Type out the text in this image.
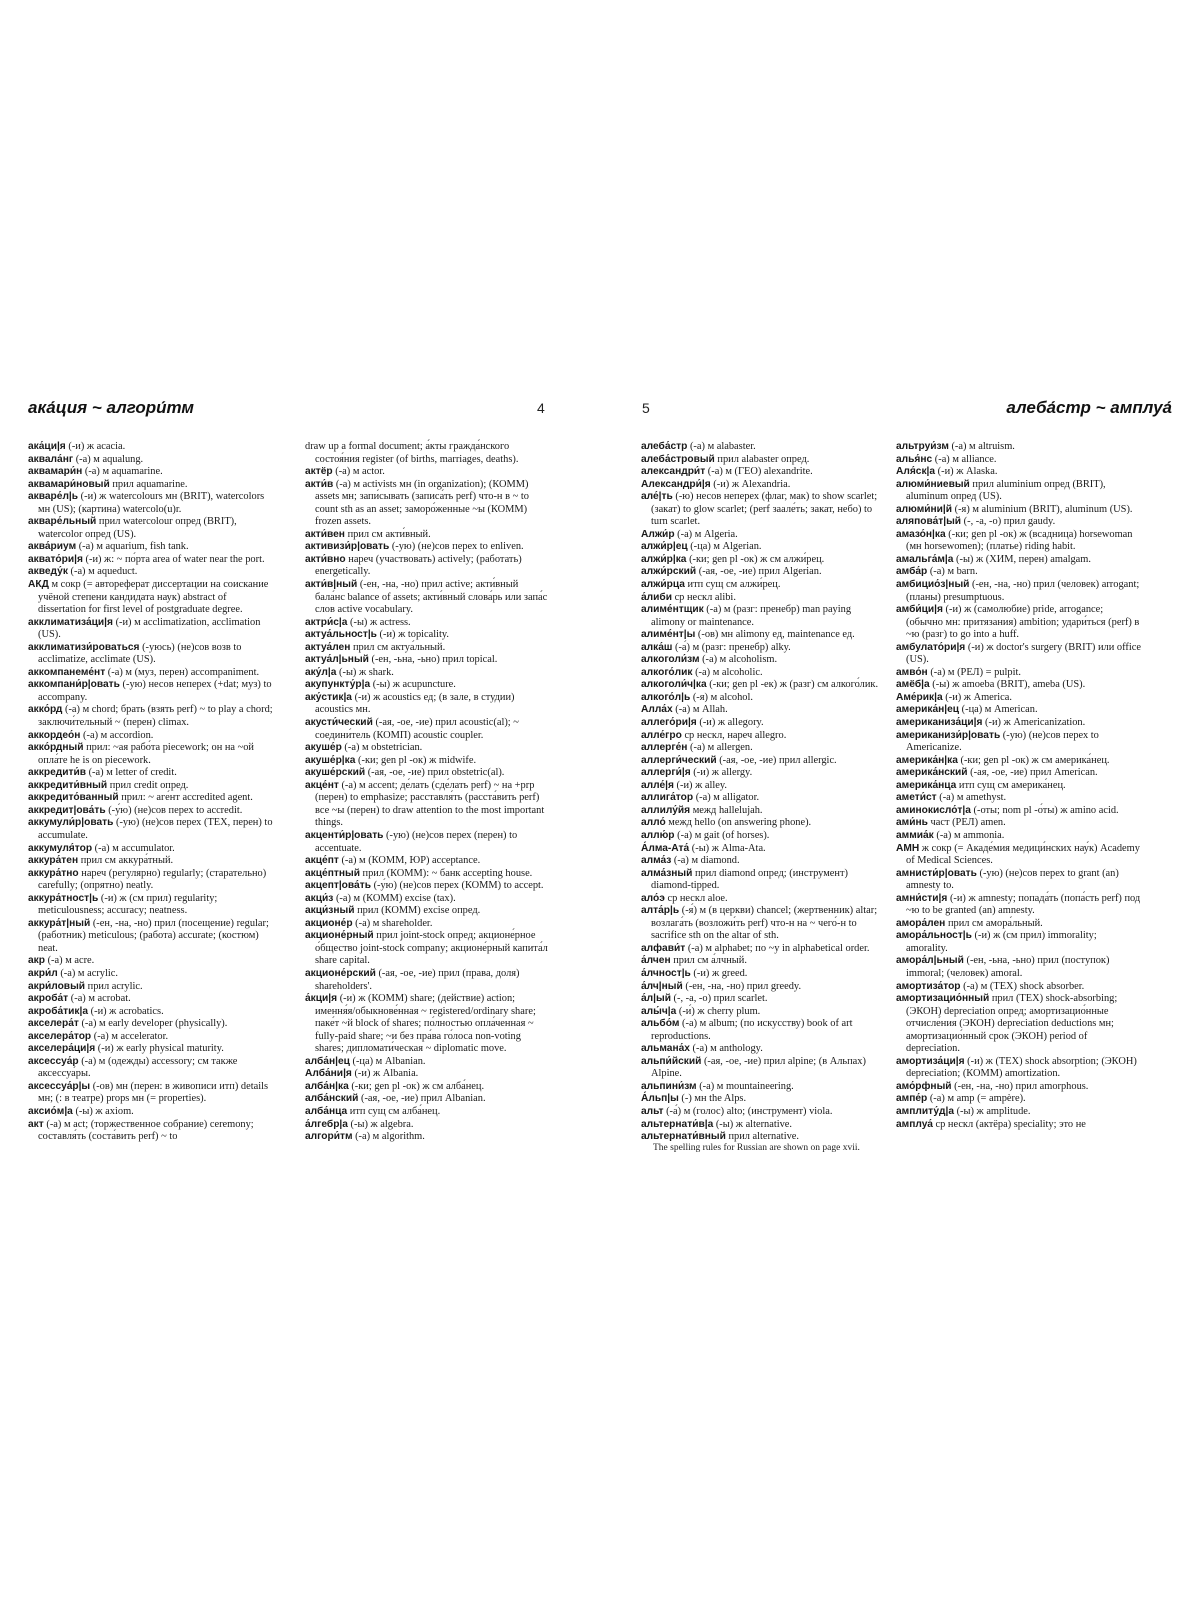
ака́ция ~ алгори́тм	4

ака́ци|я (-и) ж acacia.

аквала́нг (-а) м aqualung.

аквамари́н (-а) м aquamarine.

аквамари́новый прил aquamarine.

акваре́л|ь (-и) ж watercolours мн (BRIT), watercolors мн (US); (картина) watercolo(u)r.

акваре́льный прил watercolour опред (BRIT), watercolor опред (US).

аква́риум (-а) м aquarium, fish tank.

аквато́ри|я (-и) ж: ~ по́рта area of water near the port.

акведу́к (-а) м aqueduct.

АКД м сокр (= автореферат диссертации на соискание учёной степени кандидата наук) abstract of dissertation for first level of postgraduate degree.

акклиматиза́ци|я (-и) м acclimatization, acclimation (US).

акклиматизи́роваться (-уюсь) (не)сов возв to acclimatize, acclimate (US).

аккомпанеме́нт (-а) м (муз, перен) accompaniment.

аккомпани́р|овать (-ую) несов неперех (+dat; муз) to accompany.

акко́рд (-а) м chord; брать (взять perf) ~ to play a chord; заключи́тельный ~ (перен) climax.

аккордео́н (-а) м accordion.

акко́рдный прил: ~ая рабо́та piecework; он на ~ой опла́те he is on piecework.

аккредити́в (-а) м letter of credit.

аккредити́вный прил credit опред.

аккредито́ванный прил: ~ аге́нт accredited agent.

аккредит|ова́ть (-у́ю) (не)сов перех to accredit.

аккумули́р|овать (-ую) (не)сов перех (ТЕХ, перен) to accumulate.

аккумуля́тор (-а) м accumulator.

аккура́тен прил см аккура́тный.

аккура́тно нареч (регулярно) regularly; (старательно) carefully; (опрятно) neatly.

аккура́тност|ь (-и) ж (см прил) regularity; meticulousness; accuracy; neatness.

аккура́т|ный (-ен, -на, -но) прил (посещение) regular; (работник) meticulous; (работа) accurate; (костюм) neat.

акр (-а) м acre.

акри́л (-а) м acrylic.

акри́ловый прил acrylic.

акроба́т (-а) м acrobat.

акроба́тик|а (-и) ж acrobatics.

акселера́т (-а) м early developer (physically).

акселера́тор (-а) м accelerator.

акселера́ци|я (-и) ж early physical maturity.

аксессуа́р (-а) м (одежды) accessory; см также аксессуа́ры.

аксессуа́р|ы (-ов) мн (перен: в живописи итп) details мн; (: в театре) props мн (= properties).

аксио́м|а (-ы) ж axiom.

акт (-а) м act; (торжественное собрание) ceremony; составля́ть (соста́вить perf) ~ to

draw up a formal document; а́кты гражда́нского состоя́ния register (of births, marriages, deaths).

актёр (-а) м actor.

акти́в (-а) м activists мн (in organization); (КОММ) assets мн; запи́сывать (записа́ть perf) что-н в ~ to count sth as an asset; заморо́женные ~ы (КОММ) frozen assets.

акти́вен прил см акти́вный.

активизи́р|овать (-ую) (не)сов перех to enliven.

акти́вно нареч (участвовать) actively; (работать) energetically.

акти́в|ный (-ен, -на, -но) прил active; акти́вный бала́нс balance of assets; акти́вный слова́рь или запа́с слов active vocabulary.

актри́с|а (-ы) ж actress.

актуа́льност|ь (-и) ж topicality.

актуа́лен прил см актуа́льный.

актуа́л|ьный (-ен, -ьна, -ьно) прил topical.

аку́л|а (-ы) ж shark.

акупункту́р|а (-ы) ж acupuncture.

аку́стик|а (-и) ж acoustics ед; (в зале, в студии) acoustics мн.

акусти́ческий (-ая, -ое, -ие) прил acoustic(al); ~ соедини́тель (КОМП) acoustic coupler.

акуше́р (-а) м obstetrician.

акуше́р|ка (-ки; gen pl -ок) ж midwife.

акуше́рский (-ая, -ое, -ие) прил obstetric(al).

акце́нт (-а) м accent; де́лать (сде́лать perf) ~ на +prp (перен) to emphasize; расставля́ть (расста́вить perf) все ~ы (перен) to draw attention to the most important things.

акценти́р|овать (-ую) (не)сов перех (перен) to accentuate.

акце́пт (-а) м (КОММ, ЮР) acceptance.

акце́птный прил (КОММ): ~ банк accepting house.

акцепт|ова́ть (-у́ю) (не)сов перех (КОММ) to accept.

акци́з (-а) м (КОММ) excise (tax).

акци́зный прил (КОММ) excise опред.

акционе́р (-а) м shareholder.

акционе́рный прил joint-stock опред; акционе́рное о́бщество joint-stock company; акционе́рный капита́л share capital.

акционе́рский (-ая, -ое, -ие) прил (права, доля) shareholders'.

а́кци|я (-и) ж (КОММ) share; (действие) action; имення́я/обыкнове́нная ~ registered/ordinary share; паке́т ~й block of shares; по́лностью опла́ченная ~ fully-paid share; ~и без пра́ва го́лоса non-voting shares; дипломати́ческая ~ diplomatic move.

алба́н|ец (-ца) м Albanian.

Алба́ни|я (-и) ж Albania.

алба́н|ка (-ки; gen pl -ок) ж см алба́нец.

алба́нский (-ая, -ое, -ие) прил Albanian.

алба́нца итп сущ см алба́нец.

а́лгебр|а (-ы) ж algebra.

алгори́тм (-а) м algorithm.

5	алеба́стр ~ амплуа́

алеба́стр (-а) м alabaster.

алеба́стровый прил alabaster опред.

александри́т (-а) м (ГЕО) alexandrite.

Александри́|я (-и) ж Alexandria.

але́|ть (-ю) несов неперех (флаг, мак) to show scarlet; (закат) to glow scarlet; (perf заале́ть; закат, небо) to turn scarlet.

Алжи́р (-а) м Algeria.

алжи́р|ец (-ца) м Algerian.

алжи́р|ка (-ки; gen pl -ок) ж см алжи́рец.

алжи́рский (-ая, -ое, -ие) прил Algerian.

алжи́рца итп сущ см алжи́рец.

а́либи ср нескл alibi.

алиме́нтщик (-а) м (разг: пренебр) man paying alimony or maintenance.

алиме́нт|ы (-ов) мн alimony ед, maintenance ед.

алка́ш (-а́) м (разг: пренебр) alky.

алкоголи́зм (-а) м alcoholism.

алкого́лик (-а) м alcoholic.

алкоголи́ч|ка (-ки; gen pl -ек) ж (разг) см алкого́лик.

алкого́л|ь (-я) м alcohol.

Алла́х (-а) м Allah.

аллего́ри|я (-и) ж allegory.

алле́гро ср нескл, нареч allegro.

аллерге́н (-а) м allergen.

аллерги́ческий (-ая, -ое, -ие) прил allergic.

аллерги́|я (-и) ж allergy.

алле́|я (-и) ж alley.

аллига́тор (-а) м alligator.

аллилу́йя межд hallelujah.

алло́ межд hello (on answering phone).

аллю́р (-а) м gait (of horses).

А́лма-Ата́ (-ы) ж Alma-Ata.

алма́з (-а) м diamond.

алма́зный прил diamond опред; (инструмент) diamond-tipped.

ало́э ср нескл aloe.

алта́р|ь (-я́) м (в церкви) chancel; (жертвенник) altar; возлага́ть (возложи́ть perf) что-н на ~ чего́-н to sacrifice sth on the altar of sth.

алфави́т (-а) м alphabet; по ~у in alphabetical order.

а́лчен прил см а́лчный.

а́лчност|ь (-и) ж greed.

а́лч|ный (-ен, -на, -но) прил greedy.

а́л|ый (-, -а, -о) прил scarlet.

алы́ч|а (-и́) ж cherry plum.

альбо́м (-а) м album; (по искусству) book of art reproductions.

альмана́х (-а) м anthology.

альпи́йский (-ая, -ое, -ие) прил alpine; (в Альпах) Alpine.

альпини́зм (-а) м mountaineering.

А́льп|ы (-) мн the Alps.

альт (-а́) м (голос) alto; (инструмент) viola.

альтернати́в|а (-ы) ж alternative.

альтернати́вный прил alternative.

альтруи́зм (-а) м altruism.

алья́нс (-а) м alliance.

Аля́ск|а (-и) ж Alaska.

алюми́ниевый прил aluminium опред (BRIT), aluminum опред (US).

алюми́ни|й (-я) м aluminium (BRIT), aluminum (US).

аляпова́т|ый (-, -а, -о) прил gaudy.

амазо́н|ка (-ки; gen pl -ок) ж (всадница) horsewoman (мн horsewomen); (платье) riding habit.

амальга́м|а (-ы) ж (ХИМ, перен) amalgam.

амба́р (-а) м barn.

амбицио́з|ный (-ен, -на, -но) прил (человек) arrogant; (планы) presumptuous.

амби́ци|я (-и) ж (самолюбие) pride, arrogance; (обычно мн: притязания) ambition; удари́ться (perf) в ~ю (разг) to go into a huff.

амбулато́ри|я (-и) ж doctor's surgery (BRIT) или office (US).

амво́н (-а) м (РЕЛ) = pulpit.

амёб|а (-ы) ж amoeba (BRIT), ameba (US).

Аме́рик|а (-и) ж America.

америка́н|ец (-ца) м American.

американиза́ци|я (-и) ж Americanization.

американизи́р|овать (-ую) (не)сов перех to Americanize.

америка́н|ка (-ки; gen pl -ок) ж см америка́нец.

америка́нский (-ая, -ое, -ие) прил American.

америка́нца итп сущ см америка́нец.

амети́ст (-а) м amethyst.

аминокисло́т|а (-оты; nom pl -о́ты) ж amino acid.

ами́нь част (РЕЛ) amen.

аммиа́к (-а) м ammonia.

АМН ж сокр (= Акаде́мия медици́нских нау́к) Academy of Medical Sciences.

амнисти́р|овать (-ую) (не)сов перех to grant (an) amnesty to.

амни́сти|я (-и) ж amnesty; попада́ть (попа́сть perf) под ~ю to be granted (an) amnesty.

амора́лен прил см амора́льный.

амора́льност|ь (-и) ж (см прил) immorality; amorality.

амора́л|ьный (-ен, -ьна, -ьно) прил (поступок) immoral; (человек) amoral.

амортиза́тор (-а) м (ТЕХ) shock absorber.

амортизацио́нный прил (ТЕХ) shock-absorbing; (ЭКОН) depreciation опред; амортизацио́нные отчисле́ния (ЭКОН) depreciation deductions мн; амортизацио́нный срок (ЭКОН) period of depreciation.

амортиза́ци|я (-и) ж (ТЕХ) shock absorption; (ЭКОН) depreciation; (КОММ) amortization.

амо́рфный (-ен, -на, -но) прил amorphous.

ампе́р (-а) м amp (= ampère).

амплиту́д|а (-ы) ж amplitude.

амплуа́ ср нескл (актёра) speciality; это не

The spelling rules for Russian are shown on page xvii.
